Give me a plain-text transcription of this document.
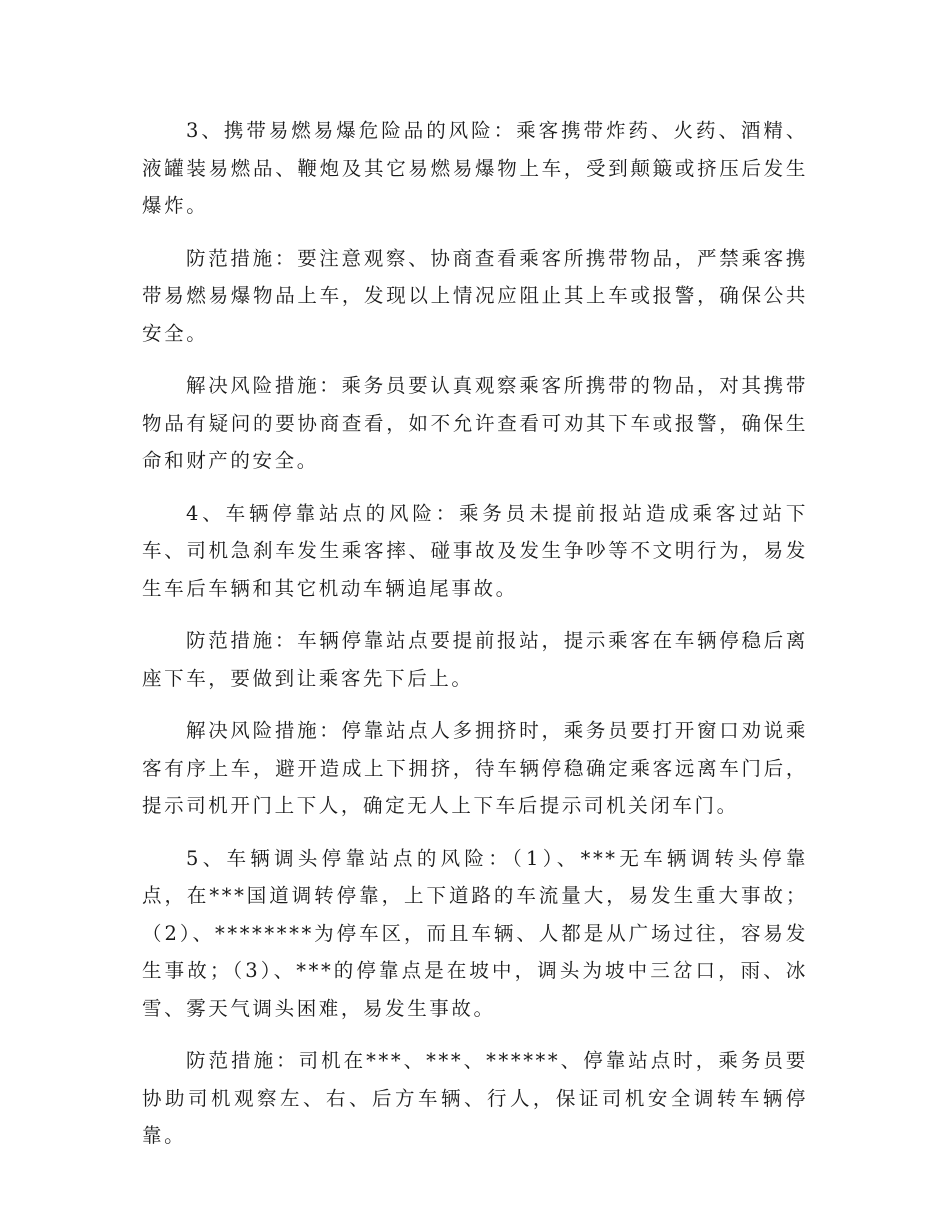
3、携带易燃易爆危险品的风险：乘客携带炸药、火药、酒精、液罐装易燃品、鞭炮及其它易燃易爆物上车，受到颠簸或挤压后发生爆炸。

防范措施：要注意观察、协商查看乘客所携带物品，严禁乘客携带易燃易爆物品上车，发现以上情况应阻止其上车或报警，确保公共安全。

解决风险措施：乘务员要认真观察乘客所携带的物品，对其携带物品有疑问的要协商查看，如不允许查看可劝其下车或报警，确保生命和财产的安全。

4、车辆停靠站点的风险：乘务员未提前报站造成乘客过站下车、司机急刹车发生乘客摔、碰事故及发生争吵等不文明行为，易发生车后车辆和其它机动车辆追尾事故。

防范措施：车辆停靠站点要提前报站，提示乘客在车辆停稳后离座下车，要做到让乘客先下后上。

解决风险措施：停靠站点人多拥挤时，乘务员要打开窗口劝说乘客有序上车，避开造成上下拥挤，待车辆停稳确定乘客远离车门后，提示司机开门上下人，确定无人上下车后提示司机关闭车门。

5、车辆调头停靠站点的风险：（1）、***无车辆调转头停靠点，在***国道调转停靠，上下道路的车流量大，易发生重大事故；（2）、********为停车区，而且车辆、人都是从广场过往，容易发生事故；（3）、***的停靠点是在坡中，调头为坡中三岔口，雨、冰雪、雾天气调头困难，易发生事故。

防范措施：司机在***、***、******、停靠站点时，乘务员要协助司机观察左、右、后方车辆、行人，保证司机安全调转车辆停靠。
